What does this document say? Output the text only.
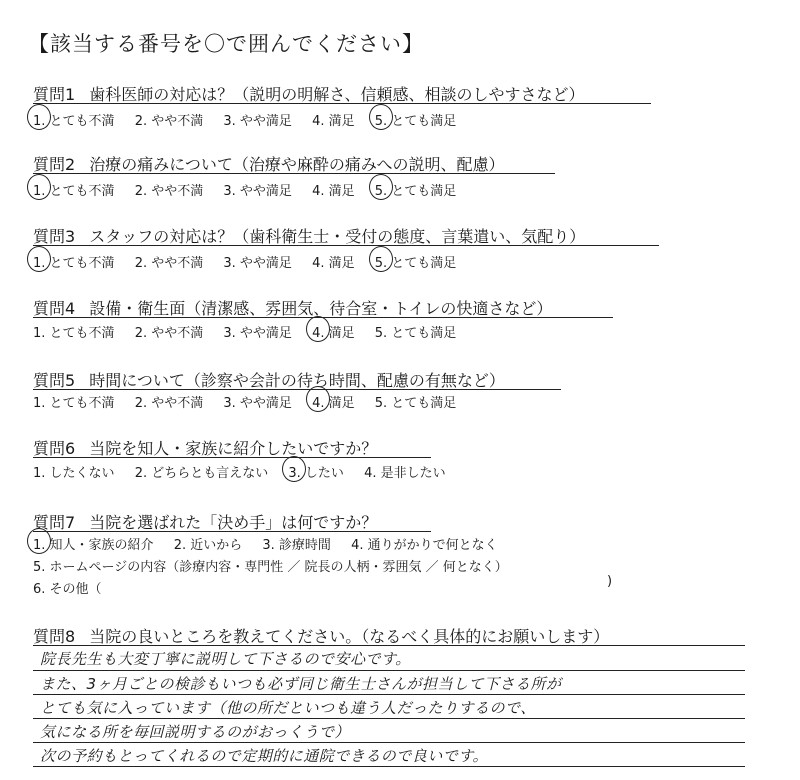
【該当する番号を〇で囲んでください】
質問1 歯科医師の対応は？（説明の明解さ、信頼感、相談のしやすさなど）
1. とても不満 2. やや不満 3. やや満足 4. 満足 5. とても満足
質問2 治療の痛みについて（治療や麻酔の痛みへの説明、配慮）
1. とても不満 2. やや不満 3. やや満足 4. 満足 5. とても満足
質問3 スタッフの対応は？（歯科衛生士・受付の態度、言葉遣い、気配り）
1. とても不満 2. やや不満 3. やや満足 4. 満足 5. とても満足
質問4 設備・衛生面（清潔感、雰囲気、待合室・トイレの快適さなど）
1. とても不満 2. やや不満 3. やや満足 4. 満足 5. とても満足
質問5 時間について（診察や会計の待ち時間、配慮の有無など）
1. とても不満 2. やや不満 3. やや満足 4. 満足 5. とても満足
質問6 当院を知人・家族に紹介したいですか？
1. したくない 2. どちらとも言えない 3. したい 4. 是非したい
質問7 当院を選ばれた「決め手」は何ですか？
1. 知人・家族の紹介 2. 近いから 3. 診療時間 4. 通りがかりで何となく
5. ホームページの内容（診療内容・専門性 ／ 院長の人柄・雰囲気 ／ 何となく）
6. その他（
)
質問8 当院の良いところを教えてください。（なるべく具体的にお願いします）
院長先生も大変丁寧に説明して下さるので安心です。
また、3ヶ月ごとの検診もいつも必ず同じ衛生士さんが担当して下さる所が
とても気に入っています（他の所だといつも違う人だったりするので、
気になる所を毎回説明するのがおっくうで）
次の予約もとってくれるので定期的に通院できるので良いです。
